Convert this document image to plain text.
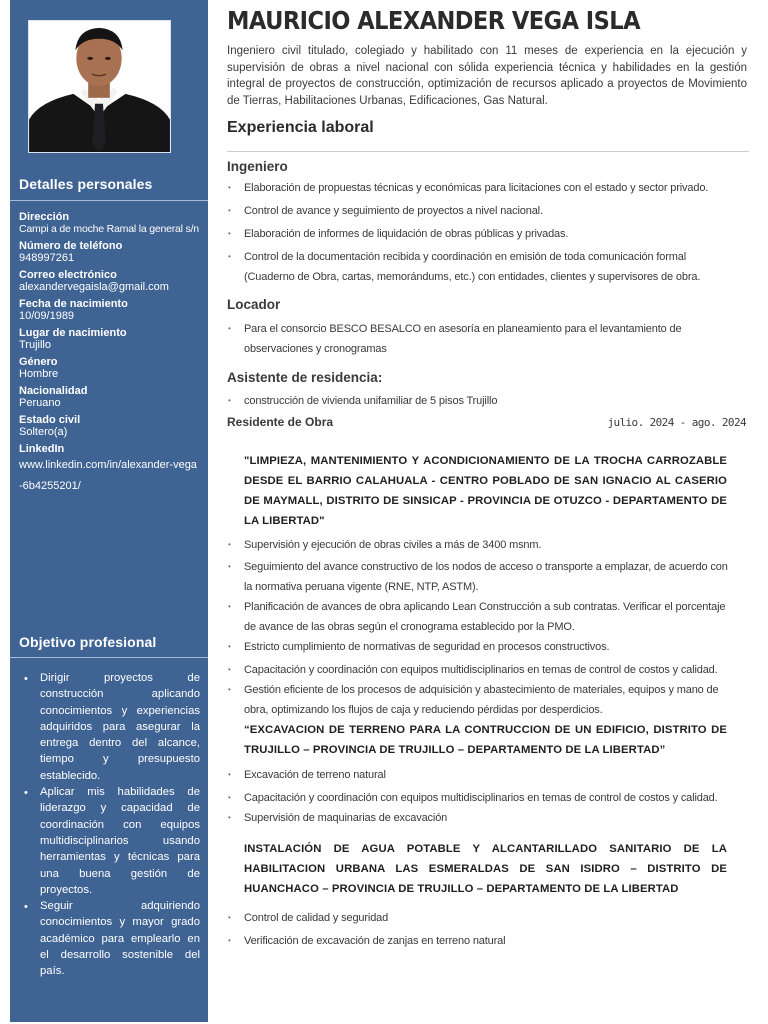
Detalles personales
Dirección
Campi a de moche Ramal la general s/n
Número de teléfono
948997261
Correo electrónico
alexandervegaisla@gmail.com
Fecha de nacimiento
10/09/1989
Lugar de nacimiento
Trujillo
Género
Hombre
Nacionalidad
Peruano
Estado civil
Soltero(a)
LinkedIn
www.linkedin.com/in/alexander-vega-6b4255201/
Objetivo profesional
• Dirigir proyectos de construcción aplicando conocimientos y experiencias adquiridos para asegurar la entrega dentro del alcance, tiempo y presupuesto establecido.
• Aplicar mis habilidades de liderazgo y capacidad de coordinación con equipos multidisciplinarios usando herramientas y técnicas para una buena gestión de proyectos.
• Seguir adquiriendo conocimientos y mayor grado académico para emplearlo en el desarrollo sostenible del país.
MAURICIO ALEXANDER VEGA ISLA

Ingeniero civil titulado, colegiado y habilitado con 11 meses de experiencia en la ejecución y supervisión de obras a nivel nacional con sólida experiencia técnica y habilidades en la gestión integral de proyectos de construcción, optimización de recursos aplicado a proyectos de Movimiento de Tierras, Habilitaciones Urbanas, Edificaciones, Gas Natural.

Experiencia laboral
Ingeniero
• Elaboración de propuestas técnicas y económicas para licitaciones con el estado y sector privado.
• Control de avance y seguimiento de proyectos a nivel nacional.
• Elaboración de informes de liquidación de obras públicas y privadas.
• Control de la documentación recibida y coordinación en emisión de toda comunicación formal (Cuaderno de Obra, cartas, memorándums, etc.) con entidades, clientes y supervisores de obra.
Locador
• Para el consorcio BESCO BESALCO en asesoría en planeamiento para el levantamiento de observaciones y cronogramas
Asistente de residencia:
• construcción de vivienda unifamiliar de 5 pisos Trujillo
Residente de Obra	julio. 2024 - ago. 2024
"LIMPIEZA, MANTENIMIENTO Y ACONDICIONAMIENTO DE LA TROCHA CARROZABLE DESDE EL BARRIO CALAHUALA - CENTRO POBLADO DE SAN IGNACIO AL CASERIO DE MAYMALL, DISTRITO DE SINSICAP - PROVINCIA DE OTUZCO - DEPARTAMENTO DE LA LIBERTAD"
• Supervisión y ejecución de obras civiles a más de 3400 msnm.
• Seguimiento del avance constructivo de los nodos de acceso o transporte a emplazar, de acuerdo con la normativa peruana vigente (RNE, NTP, ASTM).
• Planificación de avances de obra aplicando Lean Construcción a sub contratas. Verificar el porcentaje de avance de las obras según el cronograma establecido por la PMO.
• Estricto cumplimiento de normativas de seguridad en procesos constructivos.
• Capacitación y coordinación con equipos multidisciplinarios en temas de control de costos y calidad.
• Gestión eficiente de los procesos de adquisición y abastecimiento de materiales, equipos y mano de obra, optimizando los flujos de caja y reduciendo pérdidas por desperdicios.
“EXCAVACION DE TERRENO PARA LA CONTRUCCION DE UN EDIFICIO, DISTRITO DE TRUJILLO – PROVINCIA DE TRUJILLO – DEPARTAMENTO DE LA LIBERTAD”
• Excavación de terreno natural
• Capacitación y coordinación con equipos multidisciplinarios en temas de control de costos y calidad.
• Supervisión de maquinarias de excavación
INSTALACIÓN DE AGUA POTABLE Y ALCANTARILLADO SANITARIO DE LA HABILITACION URBANA LAS ESMERALDAS DE SAN ISIDRO – DISTRITO DE HUANCHACO – PROVINCIA DE TRUJILLO – DEPARTAMENTO DE LA LIBERTAD
• Control de calidad y seguridad
• Verificación de excavación de zanjas en terreno natural
